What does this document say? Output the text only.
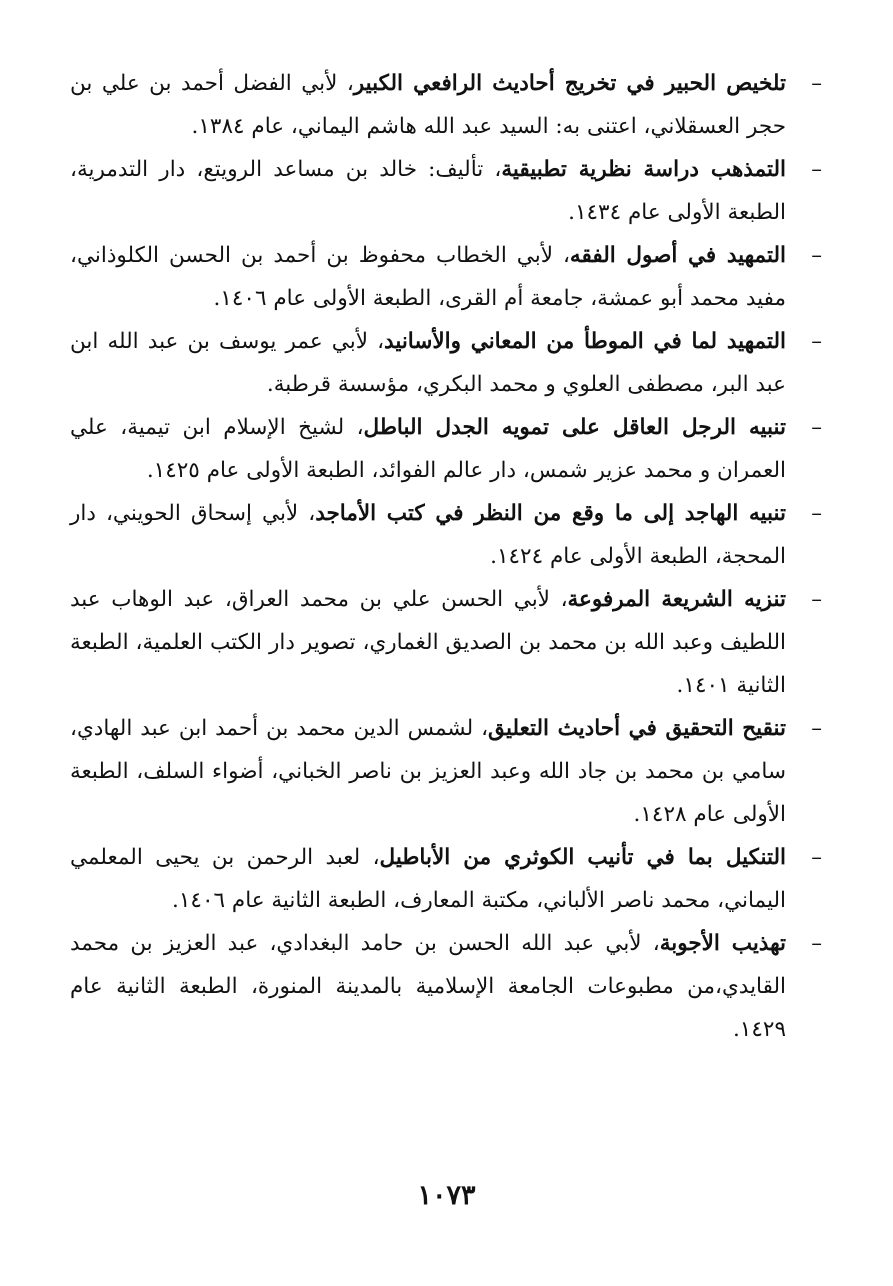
–
تلخيص الحبير في تخريج أحاديث الرافعي الكبير، لأبي الفضل أحمد بن علي بن حجر العسقلاني، اعتنى به: السيد عبد الله هاشم اليماني، عام ١٣٨٤.
–
التمذهب دراسة نظرية تطبيقية، تأليف: خالد بن مساعد الرويتع، دار التدمرية، الطبعة الأولى عام ١٤٣٤.
–
التمهيد في أصول الفقه، لأبي الخطاب محفوظ بن أحمد بن الحسن الكلوذاني، مفيد محمد أبو عمشة، جامعة أم القرى، الطبعة الأولى عام ١٤٠٦.
–
التمهيد لما في الموطأ من المعاني والأسانيد، لأبي عمر يوسف بن عبد الله ابن عبد البر، مصطفى العلوي و محمد البكري، مؤسسة قرطبة.
–
تنبيه الرجل العاقل على تمويه الجدل الباطل، لشيخ الإسلام ابن تيمية، علي العمران و محمد عزير شمس، دار عالم الفوائد، الطبعة الأولى عام ١٤٢٥.
–
تنبيه الهاجد إلى ما وقع من النظر في كتب الأماجد، لأبي إسحاق الحويني، دار المحجة، الطبعة الأولى عام ١٤٢٤.
–
تنزيه الشريعة المرفوعة، لأبي الحسن علي بن محمد العراق، عبد الوهاب عبد اللطيف وعبد الله بن محمد بن الصديق الغماري، تصوير دار الكتب العلمية، الطبعة الثانية ١٤٠١.
–
تنقيح التحقيق في أحاديث التعليق، لشمس الدين محمد بن أحمد ابن عبد الهادي، سامي بن محمد بن جاد الله وعبد العزيز بن ناصر الخباني، أضواء السلف، الطبعة الأولى عام ١٤٢٨.
–
التنكيل بما في تأنيب الكوثري من الأباطيل، لعبد الرحمن بن يحيى المعلمي اليماني، محمد ناصر الألباني، مكتبة المعارف، الطبعة الثانية عام ١٤٠٦.
–
تهذيب الأجوبة، لأبي عبد الله الحسن بن حامد البغدادي، عبد العزيز بن محمد القايدي،من مطبوعات الجامعة الإسلامية بالمدينة المنورة، الطبعة الثانية عام ١٤٢٩.
١٠٧٣
